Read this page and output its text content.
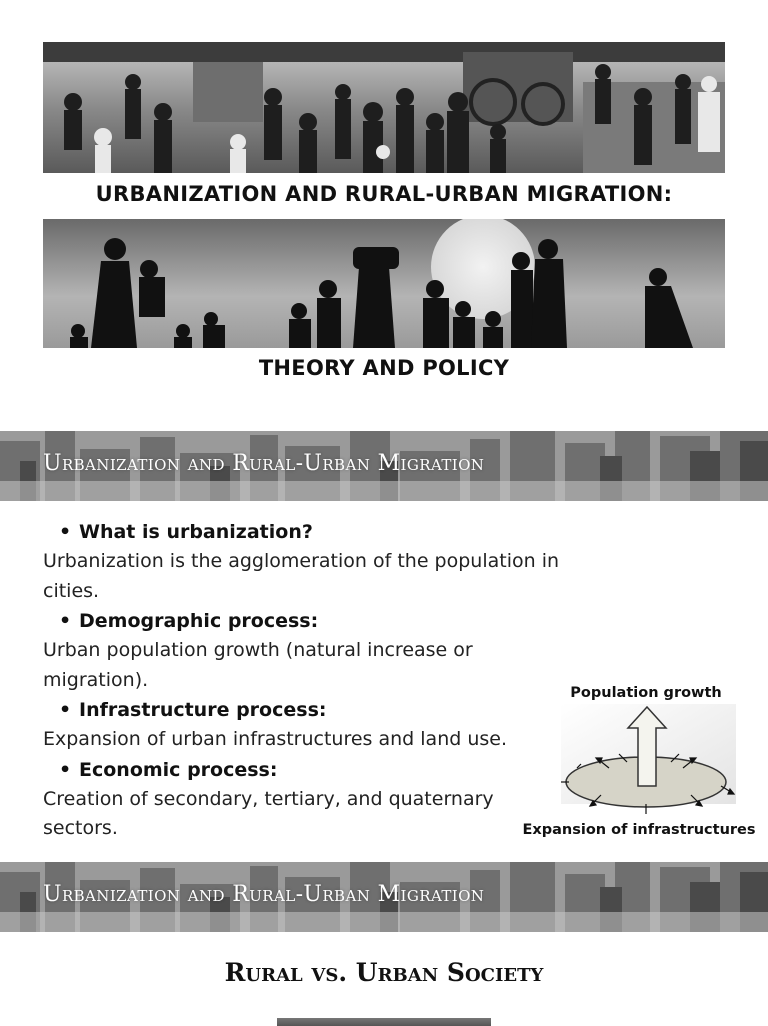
URBANIZATION AND RURAL-URBAN MIGRATION:
THEORY AND POLICY
Urbanization and Rural-Urban Migration
• What is urbanization?
Urbanization is the agglomeration of the population in cities.
• Demographic process:
Urban population growth (natural increase or migration).
• Infrastructure process:
Expansion of urban infrastructures and land use.
• Economic process:
Creation of secondary, tertiary, and quaternary sectors.
Population growth
Expansion of infrastructures
Urbanization and Rural-Urban Migration
Rural vs. Urban Society
